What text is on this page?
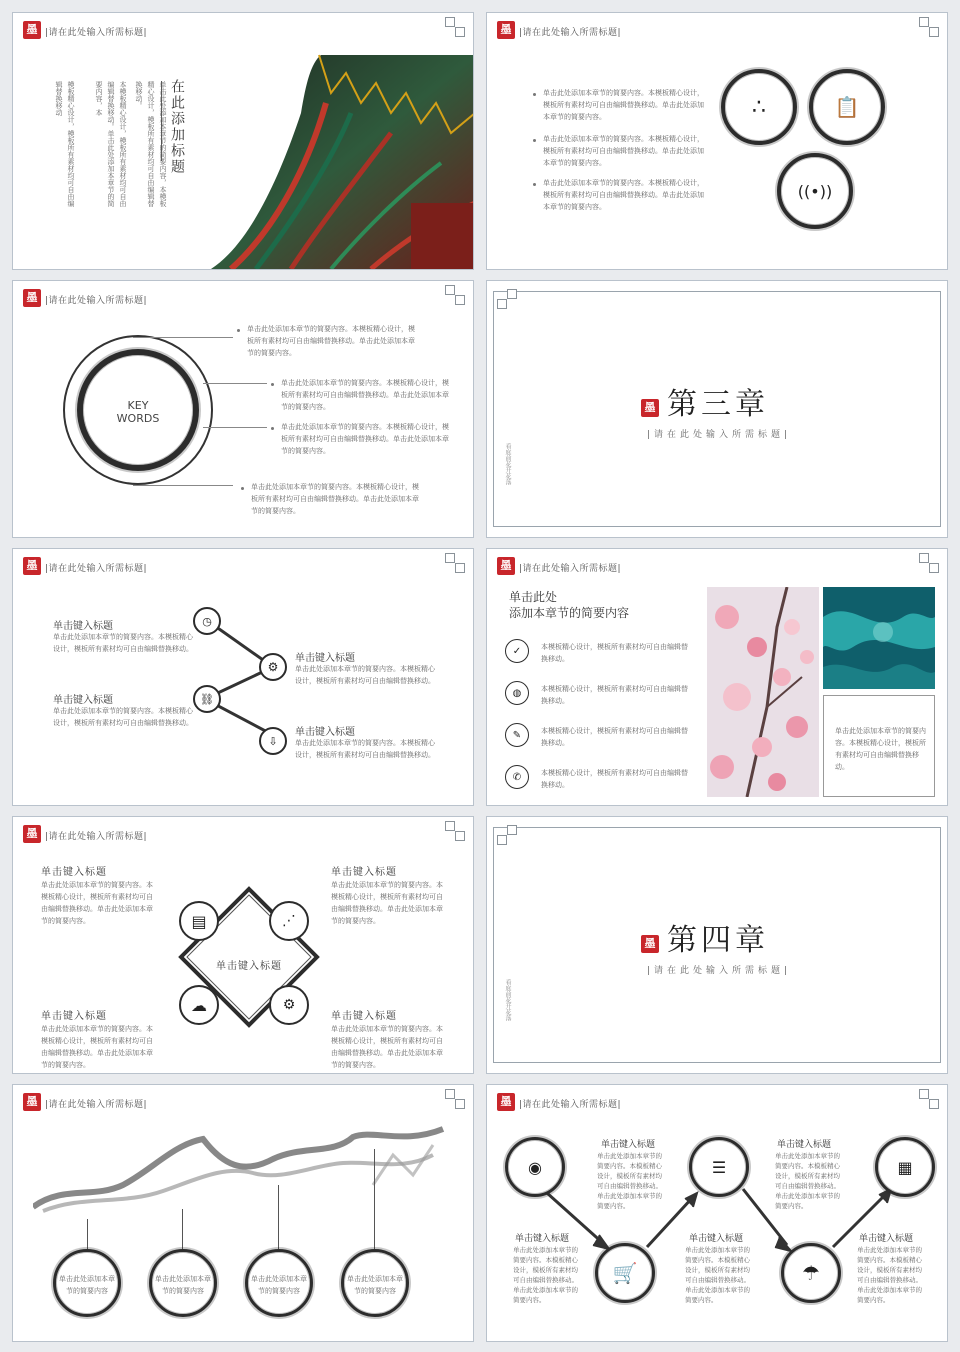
墨 |请在此处输入所需标题|
在此添加标题
单击此处添加本章节的简要内容，本模板精心设计，模板所有素材均可自由编辑替换移动。
本模板精心设计，模板所有素材均可自由编辑替换移动。单击此处添加本章节的简要内容，本
模板精心设计，模板所有素材均可自由编辑替换移动
墨 |请在此处输入所需标题|
单击此处添加本章节的简要内容。本模板精心设计，模板所有素材均可自由编辑替换移动。单击此处添加本章节的简要内容。
单击此处添加本章节的简要内容。本模板精心设计，模板所有素材均可自由编辑替换移动。单击此处添加本章节的简要内容。
单击此处添加本章节的简要内容。本模板精心设计，模板所有素材均可自由编辑替换移动。单击此处添加本章节的简要内容。
∴	📋
((•))
墨 |请在此处输入所需标题|
KEY
WORDS
单击此处添加本章节的简要内容。本模板精心设计，模板所有素材均可自由编辑替换移动。单击此处添加本章节的简要内容。
单击此处添加本章节的简要内容。本模板精心设计，模板所有素材均可自由编辑替换移动。单击此处添加本章节的简要内容。
单击此处添加本章节的简要内容。本模板精心设计，模板所有素材均可自由编辑替换移动。单击此处添加本章节的简要内容。
单击此处添加本章节的简要内容。本模板精心设计，模板所有素材均可自由编辑替换移动。单击此处添加本章节的简要内容。
墨 第三章
|请在此处输入所需标题|
看庭前花开花落
墨 |请在此处输入所需标题|
◷
⚙
⛓
⇩
单击键入标题
单击此处添加本章节的简要内容。本模板精心设计，模板所有素材均可自由编辑替换移动。
单击键入标题
单击此处添加本章节的简要内容。本模板精心设计，模板所有素材均可自由编辑替换移动。
单击键入标题
单击此处添加本章节的简要内容。本模板精心设计，模板所有素材均可自由编辑替换移动。
单击键入标题
单击此处添加本章节的简要内容。本模板精心设计，模板所有素材均可自由编辑替换移动。
墨 |请在此处输入所需标题|
单击此处
添加本章节的简要内容
✓	本模板精心设计，模板所有素材均可自由编辑替换移动。
◍	本模板精心设计，模板所有素材均可自由编辑替换移动。
✎	本模板精心设计，模板所有素材均可自由编辑替换移动。
✆	本模板精心设计，模板所有素材均可自由编辑替换移动。
单击此处添加本章节的简要内容。本模板精心设计，模板所有素材均可自由编辑替换移动。
墨 |请在此处输入所需标题|
单击键入标题
▤	⋰
☁	⚙
单击键入标题
单击此处添加本章节的简要内容。本模板精心设计，模板所有素材均可自由编辑替换移动。单击此处添加本章节的简要内容。
单击键入标题
单击此处添加本章节的简要内容。本模板精心设计，模板所有素材均可自由编辑替换移动。单击此处添加本章节的简要内容。
单击键入标题
单击此处添加本章节的简要内容。本模板精心设计，模板所有素材均可自由编辑替换移动。单击此处添加本章节的简要内容。
单击键入标题
单击此处添加本章节的简要内容。本模板精心设计，模板所有素材均可自由编辑替换移动。单击此处添加本章节的简要内容。
墨 第四章
|请在此处输入所需标题|
看庭前花开花落
墨 |请在此处输入所需标题|
单击此处添加本章节的简要内容
单击此处添加本章节的简要内容
单击此处添加本章节的简要内容
单击此处添加本章节的简要内容
墨 |请在此处输入所需标题|
◉
🛒
☰
☂
▦
单击键入标题
单击此处添加本章节的简要内容。本模板精心设计，模板所有素材均可自由编辑替换移动。单击此处添加本章节的简要内容。
单击键入标题
单击此处添加本章节的简要内容。本模板精心设计，模板所有素材均可自由编辑替换移动。单击此处添加本章节的简要内容。
单击键入标题
单击此处添加本章节的简要内容。本模板精心设计，模板所有素材均可自由编辑替换移动。单击此处添加本章节的简要内容。
单击键入标题
单击此处添加本章节的简要内容。本模板精心设计，模板所有素材均可自由编辑替换移动。单击此处添加本章节的简要内容。
单击键入标题
单击此处添加本章节的简要内容。本模板精心设计，模板所有素材均可自由编辑替换移动。单击此处添加本章节的简要内容。
